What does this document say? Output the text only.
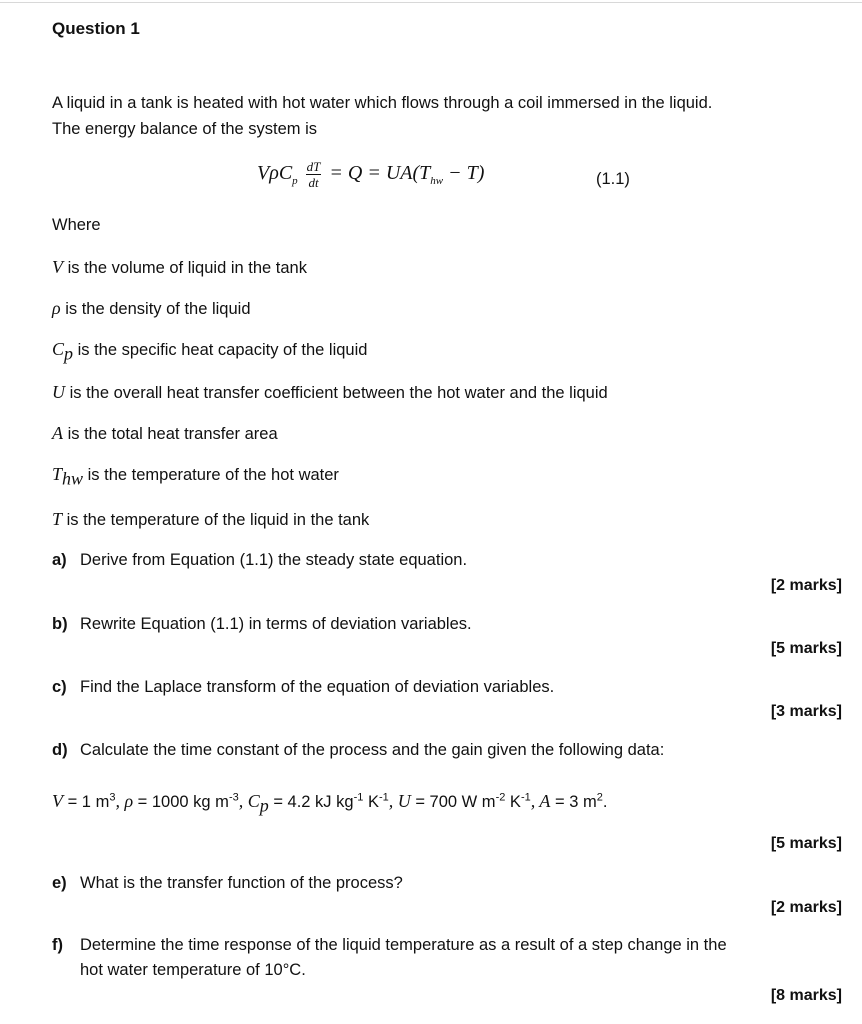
Question 1
A liquid in a tank is heated with hot water which flows through a coil immersed in the liquid.
The energy balance of the system is
$V\rho C_p \frac{dT}{dt} = Q = UA(T_{hw} - T)$	(1.1)
Where
V is the volume of liquid in the tank
ρ is the density of the liquid
$C_p$ is the specific heat capacity of the liquid
U is the overall heat transfer coefficient between the hot water and the liquid
A is the total heat transfer area
$T_{hw}$ is the temperature of the hot water
T is the temperature of the liquid in the tank
a) Derive from Equation (1.1) the steady state equation.
[2 marks]
b) Rewrite Equation (1.1) in terms of deviation variables.
[5 marks]
c) Find the Laplace transform of the equation of deviation variables.
[3 marks]
d) Calculate the time constant of the process and the gain given the following data:
V = 1 $m^3$, ρ = 1000 kg $m^{-3}$, $C_p = 4.2$ kJ $kg^{-1}$ $K^{-1}$, U = 700 W $m^{-2}$ $K^{-1}$, A = 3 $m^2$.
[5 marks]
e) What is the transfer function of the process?
[2 marks]
f) Determine the time response of the liquid temperature as a result of a step change in the
hot water temperature of 10°C.
[8 marks]
